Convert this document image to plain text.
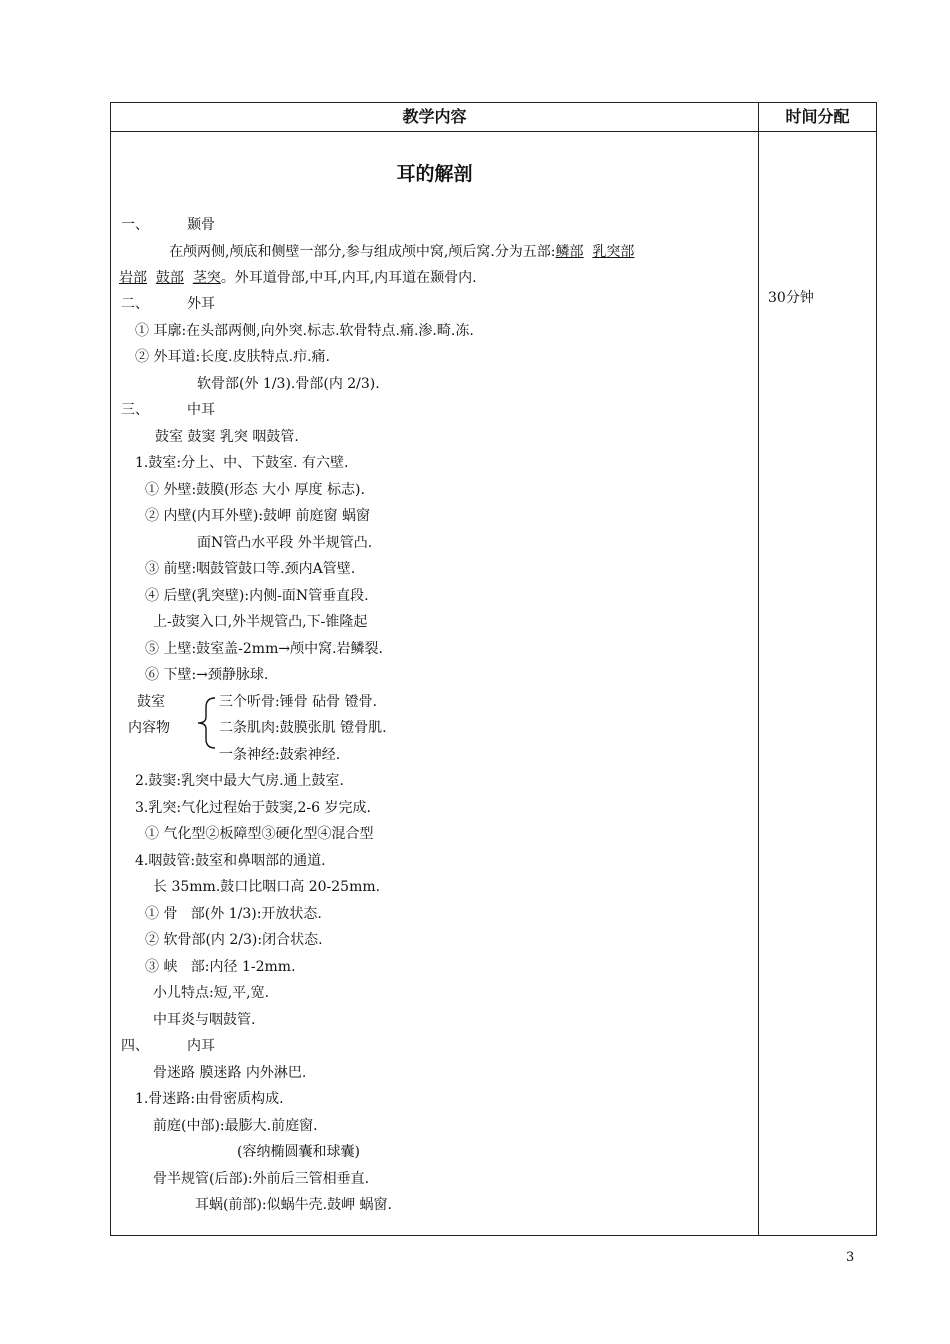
教学内容	时间分配
耳的解剖
30分钟
一、	颞骨
在颅两侧,颅底和侧壁一部分,参与组成颅中窝,颅后窝.分为五部:鳞部 乳突部
岩部 鼓部 茎突。外耳道骨部,中耳,内耳,内耳道在颞骨内.
二、	外耳
① 耳廓:在头部两侧,向外突.标志.软骨特点.痛.渗.畸.冻.
② 外耳道:长度.皮肤特点.疖.痛.
软骨部(外 1/3).骨部(内 2/3).
三、	中耳
鼓室 鼓窦 乳突 咽鼓管.
1.鼓室:分上、中、下鼓室. 有六壁.
① 外壁:鼓膜(形态 大小 厚度 标志).
② 内壁(内耳外壁):鼓岬 前庭窗 蜗窗
面N管凸水平段 外半规管凸.
③ 前壁:咽鼓管鼓口等.颈内A管壁.
④ 后壁(乳突壁):内侧-面N管垂直段.
上-鼓窦入口,外半规管凸,下-锥隆起
⑤ 上壁:鼓室盖-2mm→颅中窝.岩鳞裂.
⑥ 下壁:→颈静脉球.
鼓室
内容物
三个听骨:锤骨 砧骨 镫骨.
二条肌肉:鼓膜张肌 镫骨肌.
一条神经:鼓索神经.
2.鼓窦:乳突中最大气房.通上鼓室.
3.乳突:气化过程始于鼓窦,2-6 岁完成.
① 气化型②板障型③硬化型④混合型
4.咽鼓管:鼓室和鼻咽部的通道.
长 35mm.鼓口比咽口高 20-25mm.
① 骨   部(外 1/3):开放状态.
② 软骨部(内 2/3):闭合状态.
③ 峡   部:内径 1-2mm.
小儿特点:短,平,宽.
中耳炎与咽鼓管.
四、	内耳
骨迷路 膜迷路 内外淋巴.
1.骨迷路:由骨密质构成.
前庭(中部):最膨大.前庭窗.
(容纳椭圆囊和球囊)
骨半规管(后部):外前后三管相垂直.
耳蜗(前部):似蜗牛壳.鼓岬 蜗窗.
3
